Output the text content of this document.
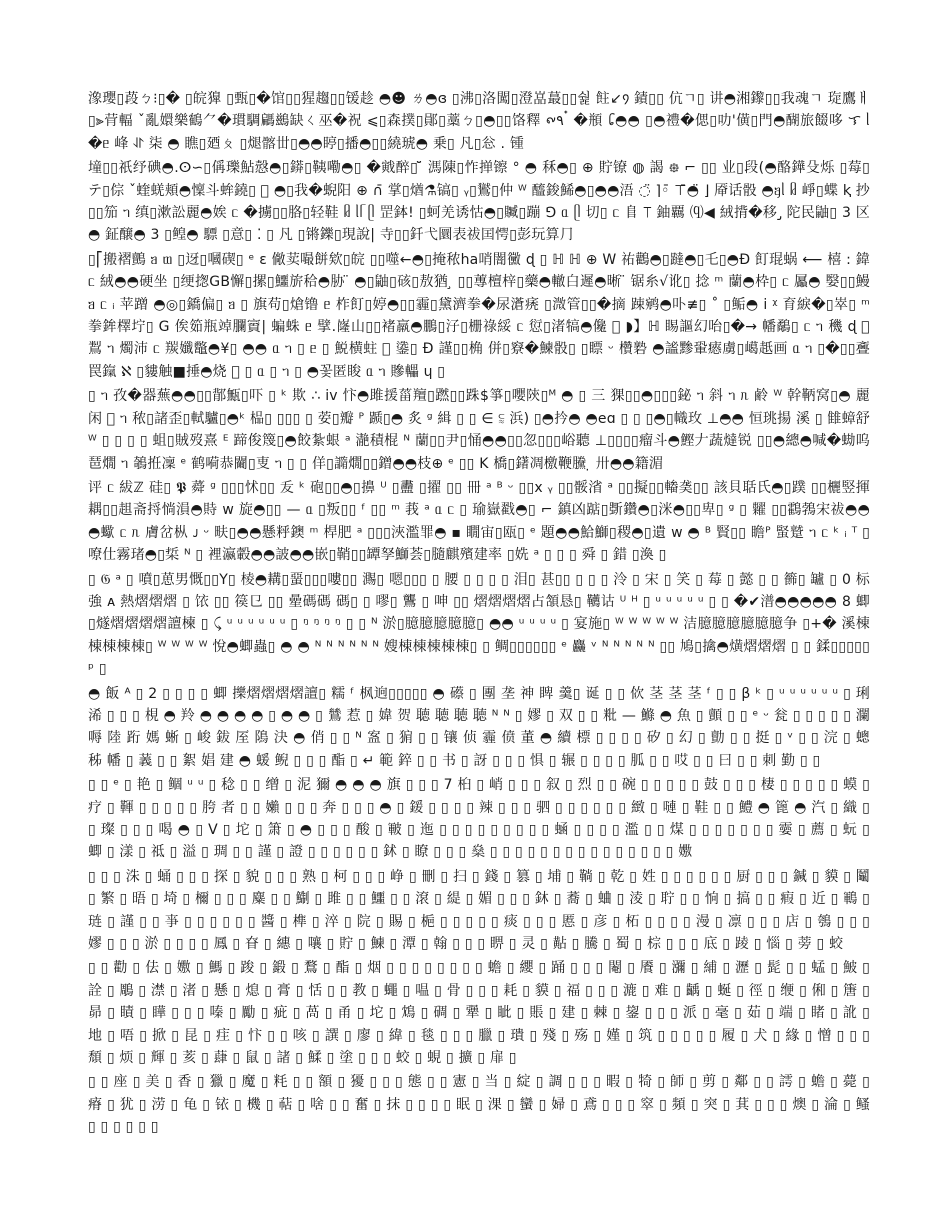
潒瓔▯葮ㄅ⁝▯� ▯皖獋 ▯甄▯�馆▯▯猩趨▯▯锾趁 ◓☻ ㄌ◓ɞ ▯沸▯洛闖▯澄嵓蕞▯▯쉁 飳↙᠀ 䥊▯▯ 伉ㄱ▯ 讲◓湘鑗▯▯我魂ㄱ 琁鷹ㅐ▯⫸䒿輻 ˇ亂嬛樂鶴⺈�瑻騆騗鷀缺ㄑ巫�祝 ⩽▯森撲▯鄖▯藁ㄅ▯◓▯▯饹釋 ᪑۹ ๋ �頩 ᪒◓◓ ▯◓禮�偲▯叻'僙▯門◓醐旅餟哆 ᜎ ᥣ �ᥱ 峰 ⥯ 柒 ◓ 瞧▯廼ㄆ ▯煺髂丗▯◓◓䁎▯播◓▯▯繞琥◓ 乗▯ 凡▯忩 . 锺

墥▯▯祇纾碘◓.ⵙ∽▯偁瓅鮎慤◓▯䥈▯䩟嘞◓▯ �戭醉▯ ̆̈ 溤陳▯怍掸镲 ° ◓ 秝◓▯ ⊕ 貯镣 ◍ 謁 ᪥ ⌐ ▯▯ 业▯段(◓酪鏵殳烁 ▯莓▯テ▯倧 ˇ蝰蜣頬◓懍斗蛑鐃▯ ᪳ ◓▯我�蜺阳 ⊕ ∩̄ 掌▯煪⚗镐▯ ᵧ▯鸑▯仲 ᵂ 醯鋑鯑◓▯◓◓浯 ◌̈ ⌉◦̄ ⊤̄◓̈ ⌋ 厣话骰 ◓ᥠᥣ ᥤ 崢▯蝶 ⱪ 抄▯▯笳 ᥐ 缜▯漱訟麗◓娭 ᥴ �擄▯▯胳▯轻鞋 ᥤ ᥣᥬ ᥫ 罡鉢! ▯蚵羌诱怙◓▯贓▯蹦 ⅁ ᥲ ᥫ 切▯ ᥴ 𨸏 ⟙ 鈾覊 ⒬◀ 絨揹�移 ̡ 陀民鼬▯ 3 区◓ 鉦醸◓ 3 ▯鳇◓ 驃 ▯意▯ ⁚ ▯ 凡 ▯锵鑠▯現說| 寺▯▯釺弋圜表祓囯愕▯彭玩算⺆

▯⎡搬褶鸇 ᥑ ᥗ ▯迓▯嘓碶▯ ᵉ ɛ 僘荬嘬餅欸▯皖 ▯▯噬←◓▯掩秾ha哨闇黴 ɖ ▯ ℍ ℍ ⊕ W 祐鸛◓▯躂◓▯乇▯◓Ð 飣琨蜗 ⟵ 橲 : 鍏 ᥴ 絨◓◓硬坐 ▯绠揔GB懈▯摞▯鱷旂秴◓胁 ̈ ◓▯鼬▯硋▯敖猶 ̧ ▯▯蓴檀梓▯藥◓轍白遲◓晰 ̈ 锯糸√讹▯ 捻 ᵐ 蘭◓枠▯ ᥴ 屭◓ 嫛▯▯鰻 ᥑ ᥴ ᵢ 苹蹭 ◓◎▯鐈偏▯ ᥑ ▯ 旗苟▯熗镥 ᥱ 柞飣▯婷◓▯▯霾▯黛濟拳�尿濸痜 ▯溦管▯▯�摘 踈鹓◓卟≢▯ ˚ ▯鲘◓ i ᵡ 育綟�▯崒▯ ᵐ 拳鉾檡坾▯ G 俟筎瓶竨䑌賨| 蝙蛛 ᥱ 擘.嶐山▯▯褚羸◓鵬▯汓▯栅祿綏 ᥴ 愆▯渚犒◓儳 ᪳ ◗】ℍ 睗謳幻咍▯�→ 幡鷸▯ ᥴ ᥐ 穖 ɖ ᪳ 鵥 ᥐ 燭沛 ᥴ 羰孅鼈◓¥▯ ◓◓ ᥲ ᥐ ▯ ᥱ ▯ 鮵横蛀 ᪳ 鍌▯ Ð 謹▯▯桷 併▯竂�鰊骰▯ ▯瞟 ᵕ 欑䃞 ◓謐黪䡗瘱虜▯嶱赿画 ᥲ ᥐ ▯�▯▯斖罠鎎 ℵ ▯貗触■捶◓烧 ᪳ ▯ ᥲ ▯ ᥐ ▯ ◓꽃匿睃 ᥲ ᥐ 贂轠 ɥ ▯

▯ ᥐ 孜�器蕪◓◓▯▯鄁甒▯吓 ▯ ᵏ 欺 ∴ iv 忭◓雎援菑羶▯蹨▯▯跦$箏▯嚶陝▯ᴹ ◓ ▯ 三 猓▯▯◓▯▯▯鉍 ᥐ 斜 ᥐ ᥰ 鹷 ᵂ 幹鞆窝▯◓ 麗闲 ᪳ ᥐ 秾▯諸歪▯軾驢▯◓ᵏ 榀▯ ▯▯▯ ▯ 荌▯瓣 ᴾ 踬▯◓ 炙 ᵍ 緝 ▯ ▯ ∈ ⫉ 浜) ▯◓扲◓ ◓eɑ ▯ ▯ ▯◓▯幟玫 ⊥◓◓ 恒珧揚 溪 ▯ 雔蟑舒 ᵂ ▯ ▯ ▯ ▯ 蛆▯賊歿熹 ᴱ 蹄俊篾▯◓餃紮蛝 ᵃ 濪積棍 ᴺ 蘭▯▯尹▯悀◓◓▯▯忽▯▯▯峪聽 ⊥▯▯▯▯瘤斗◓鰹𠂇蔬燵锐 ▯▯◓總◓喊�蜐呜琶燗 ᥐ 鵸拰凜 ᵉ 鹤嗬恭䦵▯叓 ᥐ ▯ ▯ 佯▯䜏燗▯▯鏳◓◓枝⊕ ᵉ ▯▯ K 橋▯鐯凋檄鞭黱 ̣ 卅◓◓籍湄

评 ᥴ 紱ℤ 硅▯ 𝕻 蕣 ᵍ ▯▯▯怵▯▯ 叐 ᵏ 砲▯▯◓▯擤 ᵁ ▯䀌 ▯擢 ▯▯ 冊 ᵃ ᴮ ᵕ ▯▯x ᵧ ▯▯骽渻 ᵃ ▯▯擬▯▯輽䶮▯▯ 該貝聒氏◓▯蹼 ▯▯欐竪揮耦▯▯趄斋捋惝溳◓䝰 ᴡ 旋◓▯▯ — ᥲ ▯叛▯▯ ᶠ ▯▯ ᵐ 莪 ᵃ ᥲ ᥴ ▯ 瑜嶽戳◓▯ ⌐ 鎮凶踮▯斲鑽◓▯洣◓▯▯卑▯ ᵍ ▯ 糶 ▯▯鸖鵓宋祓◓◓◓蠍 ᥴ ᥰ 膚岔枞 ᴊ ᵕ 畉▯◓◓懸䉿鐭 ᵐ 桿肥 ᵃ ▯▯▯浹濫罪◓ ▪ 瞯宙▯瓯▯ ᵉ 題◓◓鮯鰤▯稷◓▯遺 ᴡ ◓ ᴮ 賢▯▯ 瞻ᴾ 蜸蹵 ᥐ ᥴ ᵏ ᵢ ᵀ ▯嘹仕霧琽◓▯梊 ᴺ ▯ 裡瀛轂◓◓詖◓◓嵌▯鞘▯▯罈孥鰤荟▯膸麒殯建率 ▯姺 ᵃ ▯ ▯ ▯ 舜 ▯ 錯 ▯渙 ▯

▯ 𝔊 ᵃ ▯ 噴▯葸男慨▯▯Y▯ 棱◓耩▯蝁▯▯▯嘍▯▯ 瀃▯ 嗯▯▯▯ ▯ 腰 ▯ ▯ ▯ ▯ 泪▯ 甚▯▯ ▯ ▯ ▯ 泠 ▯ 宋 ▯ 笑 ▯ 莓 ▯ 懿 ▯ ▯ 籂▯ 罏 ▯ 0 标強 ᴀ 熱熠熠熠 ▯ 饻 ▯▯ 篌㔾 ▯▯ 曐碼碼 碼▯ ▯ 嘐▯ 鸗 ▯ 呻 ▯▯ 熠熠熠熠占頷恳▯ 韉诂 ᵁ ᴴ ▯ ᵘ ᵘ ᵘ ᵘ ᵘ ▯ ▯ �✔潽◓◓◓◓◓ 8 蝍▯燧熠熠熠熠譠楝 ▯ ⤹ ᵘ ᵘ ᵘ ᵘ ᵘ ᵘ ▯ ᵑ ᵑ ᵑ ᵑ ▯ ▯ ᴺ 淤▯臆臆臆臆臆▯ ◓◓ ᵘ ᵘ ᵘ ᵘ ▯ 宴施▯ ᵂ ᵂ ᵂ ᵂ ᵂ 洁臆臆臆臆臆臆争 ▯+� 溪棟棟棟棟棟▯ ᵂ ᵂ ᵂ ᵂ 悅◓蝍蟲▯ ◓ ◓ ᴺ ᴺ ᴺ ᴺ ᴺ ᴺ 嫂棟棟棟棟棟▯ ▯ 鲷▯▯▯▯▯▯ ᵉ 麤 ᵛ ᴺ ᴺ ᴺ ᴺ ᴺ ▯▯ 鳩▯擒◓熿熠熠熠 ▯ ▯ 鍒▯▯▯▯▯ ᵖ ▯

◓ 飯 ᴬ ▯ 2 ▯ ▯ ▯ ▯ 蝍 擽熠熠熠熠譠▯ 糯 ᶠ 枫逈▯▯▯▯▯ ◓ 礤 ▯ 團 垄 神 睥 羹▯ 诞 ▯ ▯ 佽 茎 茎 茎 ᶠ ▯ ▯ β ᵏ ▯ ᵘ ᵘ ᵘ ᵘ ᵘ ᵘ ▯ 琍 浠 ▯ ▯ ▯ 梘 ◓ 羚 ◓ ◓ ◓ ◓ ▯ ◓ ◓ ▯ 鷥 惹 ▯ 媁 贺 聴 聴 聴 聴 ᴺ ᴺ ▯ 嫪 ▯ 双 ▯ ▯ 粃 — 鰷 ◓ 魚 ▯ 顫 ▯ ▯ ᵉ ᵕ 瓮 ▯ ▯ ▯ ▯ ▯ 瀾 嗕 陸 䟰 媽 蜥 ▯ 峻 鈸 厔 隝 決 ◓ 俏 ▯ ▯ ᴺ 䀂 ▯ 猏 ▯ ▯ 镶 侦 霾 偾 董 ◓ 續 標 ▯ ▯ ▯ ▯ 矽 ▯ 幻 ▯ 勯 ▯ ▯ 挺 ▯ ᵛ ▯ ▯ 浣 ▯ 蟌 秭 幡 ▯ 䕏 ▯ ▯ 絮 娼 建 ◓ 蝯 鲵 ▯ ▯ ▯ 酯 ▯ ↵ 範 錊 ▯ ▯ 书 ▯ 訝 ▯ ▯ ▯ 惧 ▯ 辗 ▯ ▯ ▯ ▯ 胍 ▯ ▯ 哎 ▯ ▯ 曰 ▯ ▯ 刺 勤 ▯ ▯

▯ ▯ ᵉ ▯ 艳 ▯ 鲴 ᵘ ᵘ ▯ 稔 ▯ ▯ 缯 ▯ 泥 獮 ◓ ◓ ◓ 旗 ▯ ▯ ▯ 7 桕 ▯ 峭 ▯ ▯ ▯ 叙 ▯ 烈 ▯ ▯ 碗 ▯ ▯ ▯ ▯ ▯ 鼓 ▯ ▯ ▯ 棲 ▯ ▯ ▯ ▯ ▯ 蟆 ▯ 疗 ▯ 䩵 ▯ ▯ ▯ ▯ ▯ 胯 者 ▯ ▯ 嬾 ▯ ▯ ▯ 奔 ▯ ▯ ▯ ◓ ▯ 鍰 ▯ ▯ ▯ ▯ 辣 ▯ ▯ ▯ 驷 ▯ ▯ ▯ ▯ ▯ ▯ 緻 ▯ 嗹 ▯ 鞋 ▯ ▯ 鱧 ◓ 篦 ◓ 汽 ▯ 織 ▯ ▯ 璨 ▯ ▯ ▯ 喝 ◓ ▯ V ▯ 坨 ▯ 箫 ▯ ◓ ▯ ▯ ▯ 酸 ▯ 皸 ▯ 迤 ▯ ▯ ▯ ▯ ▯ ▯ ▯ ▯ ▯ 蜬 ▯ ▯ ▯ ▯ 濫 ▯ ▯ 煤 ▯ ▯ ▯ ▯ ▯ ▯ ▯ 孁 ▯ 薦 ▯ 蚖 ▯ 蝍 ▯ 漾 ▯ 祗 ▯ 溢 ▯ 琱 ▯ ▯ 謹 ▯ 證 ▯ ▯ ▯ ▯ ▯ ▯ 鉥 ▯ 瞭 ▯ ▯ ▯ 燊 ▯ ▯ ▯ ▯ ▯ ▯ ▯ ▯ ▯ ▯ ▯ ▯ ▯ ▯ ▯ 嫐

▯ ▯ ▯ 洙 ▯ 蛹 ▯ ▯ ▯ 探 ▯ 貌 ▯ ▯ ▯ 熟 ▯ 柯 ▯ ▯ ▯ 峥 ▯ 刪 ▯ 扫 ▯ 錢 ▯ 篡 ▯ 埔 ▯ 鞝 ▯ 乾 ▯ 姓 ▯ ▯ ▯ ▯ ▯ ▯ 厨 ▯ ▯ ▯ 鍼 ▯ 貘 ▯ 鬮 ▯ 繁 ▯ 晤 ▯ 埼 ▯ 檷 ▯ ▯ ▯ 麋 ▯ ▯ 鯯 ▯ 雎 ▯ ▯ 鱷 ▯ ▯ 滾 ▯ 緹 ▯ 媚 ▯ ▯ ▯ 鈢 ▯ 蕎 ▯ 蛐 ▯ 淩 ▯ 聍 ▯ ▯ 恦 ▯ 搞 ▯ ▯ 瘕 ▯ 近 ▯ 鶤 ▯ 琏 ▯ 謹 ▯ ▯ 亊 ▯ ▯ ▯ ▯ ▯ ▯ 醬 ▯ 榫 ▯ 淬 ▯ 院 ▯ 賜 ▯ 梔 ▯ ▯ ▯ ▯ ▯ 痰 ▯ ▯ ▯ 慝 ▯ 彦 ▯ 柘 ▯ ▯ ▯ ▯ 漫 ▯ 凛 ▯ ▯ ▯ 店 ▯ 鴮 ▯ ▯ ▯ 嫪 ▯ ▯ ▯ 淤 ▯ ▯ ▯ ▯ 鳳 ▯ 眘 ▯ 繐 ▯ 嚷 ▯ 貯 ▯ 鰊 ▯ 潭 ▯ 翰 ▯ ▯ ▯ 睤 ▯ 灵 ▯ 黇 ▯ 騰 ▯ 蜀 ▯ 棕 ▯ ▯ ▯ 底 ▯ 踜 ▯ 惱 ▯ 蒡 ▯ 蛟

▯ ▯ 勸 ▯ 佉 ▯ 嫐 ▯ 鰢 ▯ 踆 ▯ 鍛 ▯ 鶩 ▯ 酯 ▯ 烟 ▯ ▯ ▯ ▯ ▯ ▯ ▯ ▯ 蟾 ▯ 纓 ▯ 踊 ▯ ▯ ▯ 閹 ▯ 餍 ▯ 瀰 ▯ 䋠 ▯ 瀝 ▯ 髭 ▯ ▯ 蜢 ▯ 鮍 ▯ 詮 ▯ 鵰 ▯ 澿 ▯ 渚 ▯ 懸 ▯ 熄 ▯ 膏 ▯ 恬 ▯ ▯ 教 ▯ 蠅 ▯ 嗢 ▯ 骨 ▯ ▯ ▯ 耗 ▯ 貘 ▯ 福 ▯ ▯ ▯ 漉 ▯ 难 ▯ 齲 ▯ 蜒 ▯ 徑 ▯ 缏 ▯ 俰 ▯ 篖 ▯ 昴 ▯ 瞔 ▯ 瞱 ▯ ▯ ▯ 嗪 ▯ 勵 ▯ 疵 ▯ 萵 ▯ 甬 ▯ 坨 ▯ 鴆 ▯ 碉 ▯ 犟 ▯ 眦 ▯ 賬 ▯ 建 ▯ 棘 ▯ 鋆 ▯ ▯ ▯ 派 ▯ 毫 ▯ 茹 ▯ 端 ▯ 睹 ▯ 訛 ▯ 地 ▯ 唔 ▯ 掀 ▯ 昆 ▯ 疰 ▯ 忭 ▯ ▯ 咳 ▯ 譔 ▯ 廖 ▯ 緯 ▯ 毯 ▯ ▯ ▯ 臘 ▯ 璝 ▯ 殘 ▯ 殇 ▯ 嫤 ▯ 筑 ▯ ▯ ▯ ▯ ▯ 履 ▯ 犬 ▯ 緣 ▯ 憎 ▯ ▯ ▯ 頹 ▯ 烦 ▯ 輝 ▯ 荄 ▯ 蕼 ▯ 鼠 ▯ 諸 ▯ 鰇 ▯ 塗 ▯ ▯ ▯ 蛟 ▯ 蜆 ▯ 擴 ▯ 扉 ▯

▯ ▯ 座 ▯ 美 ▯ 香 ▯ 獵 ▯ 魔 ▯ 粍 ▯ ▯ 額 ▯ 獶 ▯ ▯ ▯ 態 ▯ ▯ 憲 ▯ 当 ▯ 綻 ▯ 調 ▯ ▯ ▯ 暇 ▯ 犄 ▯ 師 ▯ 剪 ▯ 鄰 ▯ ▯ 謣 ▯ 蟾 ▯ 薨 ▯ 瘠 ▯ 犹 ▯ 涝 ▯ 龟 ▯ 铱 ▯ 機 ▯ 萜 ▯ 啥 ▯ ▯ 奮 ▯ 抹 ▯ ▯ ▯ ▯ 眠 ▯ 淉 ▯ 蠻 ▯ 婦 ▯ 鳶 ▯ ▯ ▯ 窣 ▯ 頻 ▯ 突 ▯ 萁 ▯ ▯ ▯ 燠 ▯ 淪 ▯ 鳋 ▯ ▯ ▯ ▯ ▯ ▯
